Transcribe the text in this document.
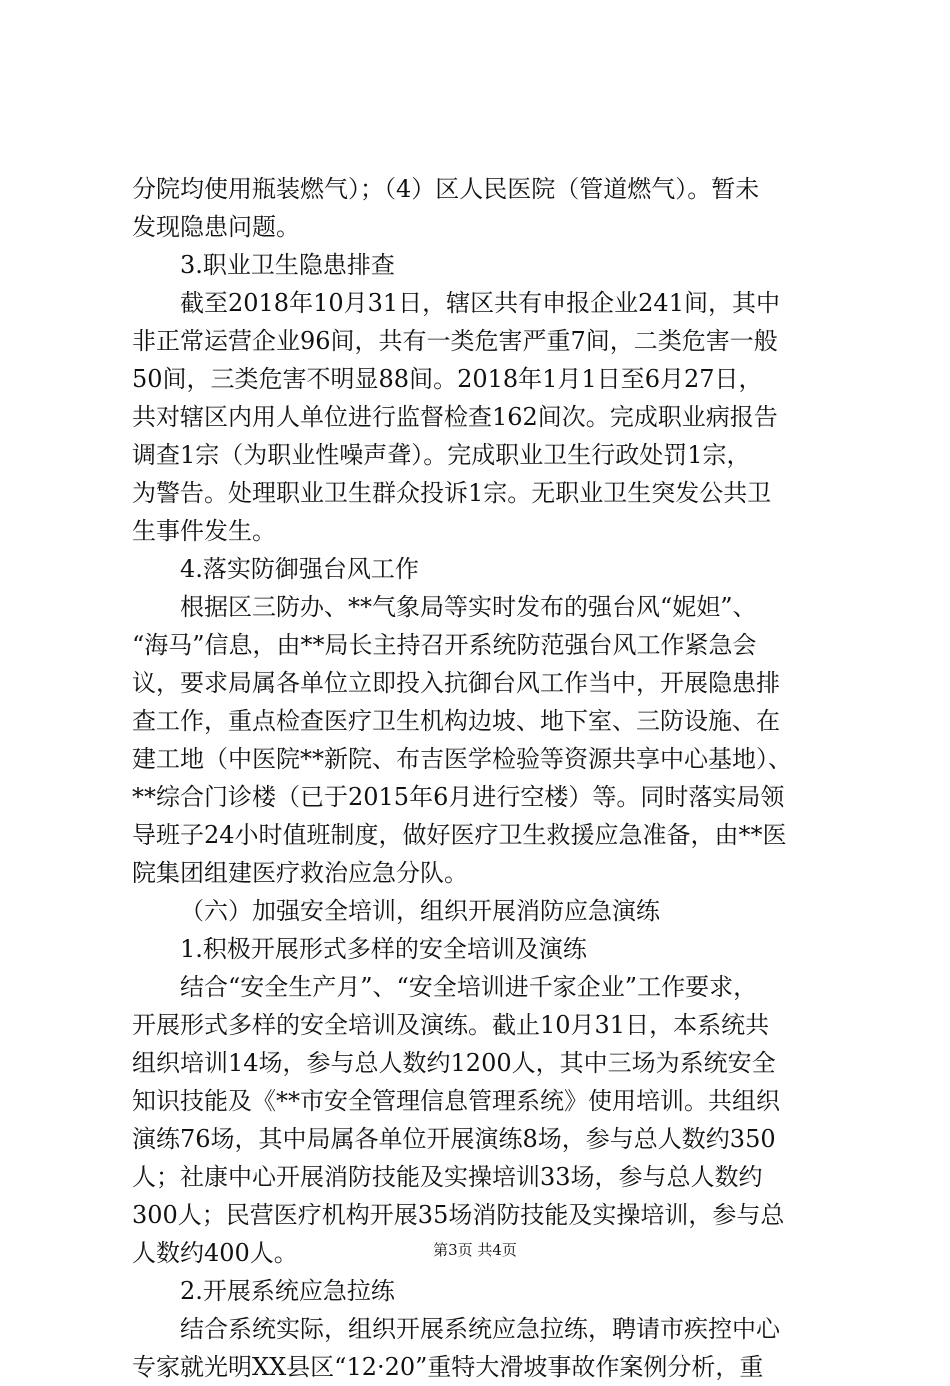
分院均使用瓶装燃气）；（4）区人民医院（管道燃气）。暂未
发现隐患问题。
3.职业卫生隐患排查
截至2018年10月31日，辖区共有申报企业241间，其中
非正常运营企业96间，共有一类危害严重7间，二类危害一般
50间，三类危害不明显88间。2018年1月1日至6月27日，
共对辖区内用人单位进行监督检查162间次。完成职业病报告
调查1宗（为职业性噪声聋）。完成职业卫生行政处罚1宗，
为警告。处理职业卫生群众投诉1宗。无职业卫生突发公共卫
生事件发生。
4.落实防御强台风工作
根据区三防办、**气象局等实时发布的强台风“妮妲”、
“海马”信息，由**局长主持召开系统防范强台风工作紧急会
议，要求局属各单位立即投入抗御台风工作当中，开展隐患排
查工作，重点检查医疗卫生机构边坡、地下室、三防设施、在
建工地（中医院**新院、布吉医学检验等资源共享中心基地）、
**综合门诊楼（已于2015年6月进行空楼）等。同时落实局领
导班子24小时值班制度，做好医疗卫生救援应急准备，由**医
院集团组建医疗救治应急分队。
（六）加强安全培训，组织开展消防应急演练
1.积极开展形式多样的安全培训及演练
结合“安全生产月”、“安全培训进千家企业”工作要求，
开展形式多样的安全培训及演练。截止10月31日，本系统共
组织培训14场，参与总人数约1200人，其中三场为系统安全
知识技能及《**市安全管理信息管理系统》使用培训。共组织
演练76场，其中局属各单位开展演练8场，参与总人数约350
人；社康中心开展消防技能及实操培训33场，参与总人数约
300人；民营医疗机构开展35场消防技能及实操培训，参与总
人数约400人。
2.开展系统应急拉练
结合系统实际，组织开展系统应急拉练，聘请市疾控中心
专家就光明XX县区“12·20”重特大滑坡事故作案例分析，重
第3页 共4页
